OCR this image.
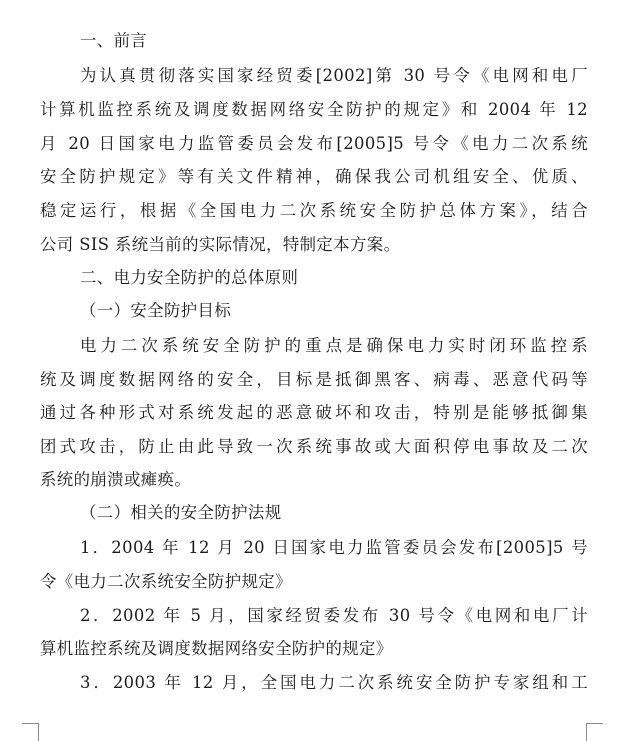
一、前言
为认真贯彻落实国家经贸委[2002]第 30 号令《电网和电厂
计算机监控系统及调度数据网络安全防护的规定》和 2004 年 12
月 20 日国家电力监管委员会发布[2005]5 号令《电力二次系统
安全防护规定》等有关文件精神，确保我公司机组安全、优质、
稳定运行，根据《全国电力二次系统安全防护总体方案》，结合
公司 SIS 系统当前的实际情况，特制定本方案。
二、电力安全防护的总体原则
（一）安全防护目标
电力二次系统安全防护的重点是确保电力实时闭环监控系
统及调度数据网络的安全，目标是抵御黑客、病毒、恶意代码等
通过各种形式对系统发起的恶意破坏和攻击，特别是能够抵御集
团式攻击，防止由此导致一次系统事故或大面积停电事故及二次
系统的崩溃或瘫痪。
（二）相关的安全防护法规
1．2004 年 12 月 20 日国家电力监管委员会发布[2005]5 号
令《电力二次系统安全防护规定》
2．2002 年 5 月，国家经贸委发布 30 号令《电网和电厂计
算机监控系统及调度数据网络安全防护的规定》
3．2003 年 12 月，全国电力二次系统安全防护专家组和工
